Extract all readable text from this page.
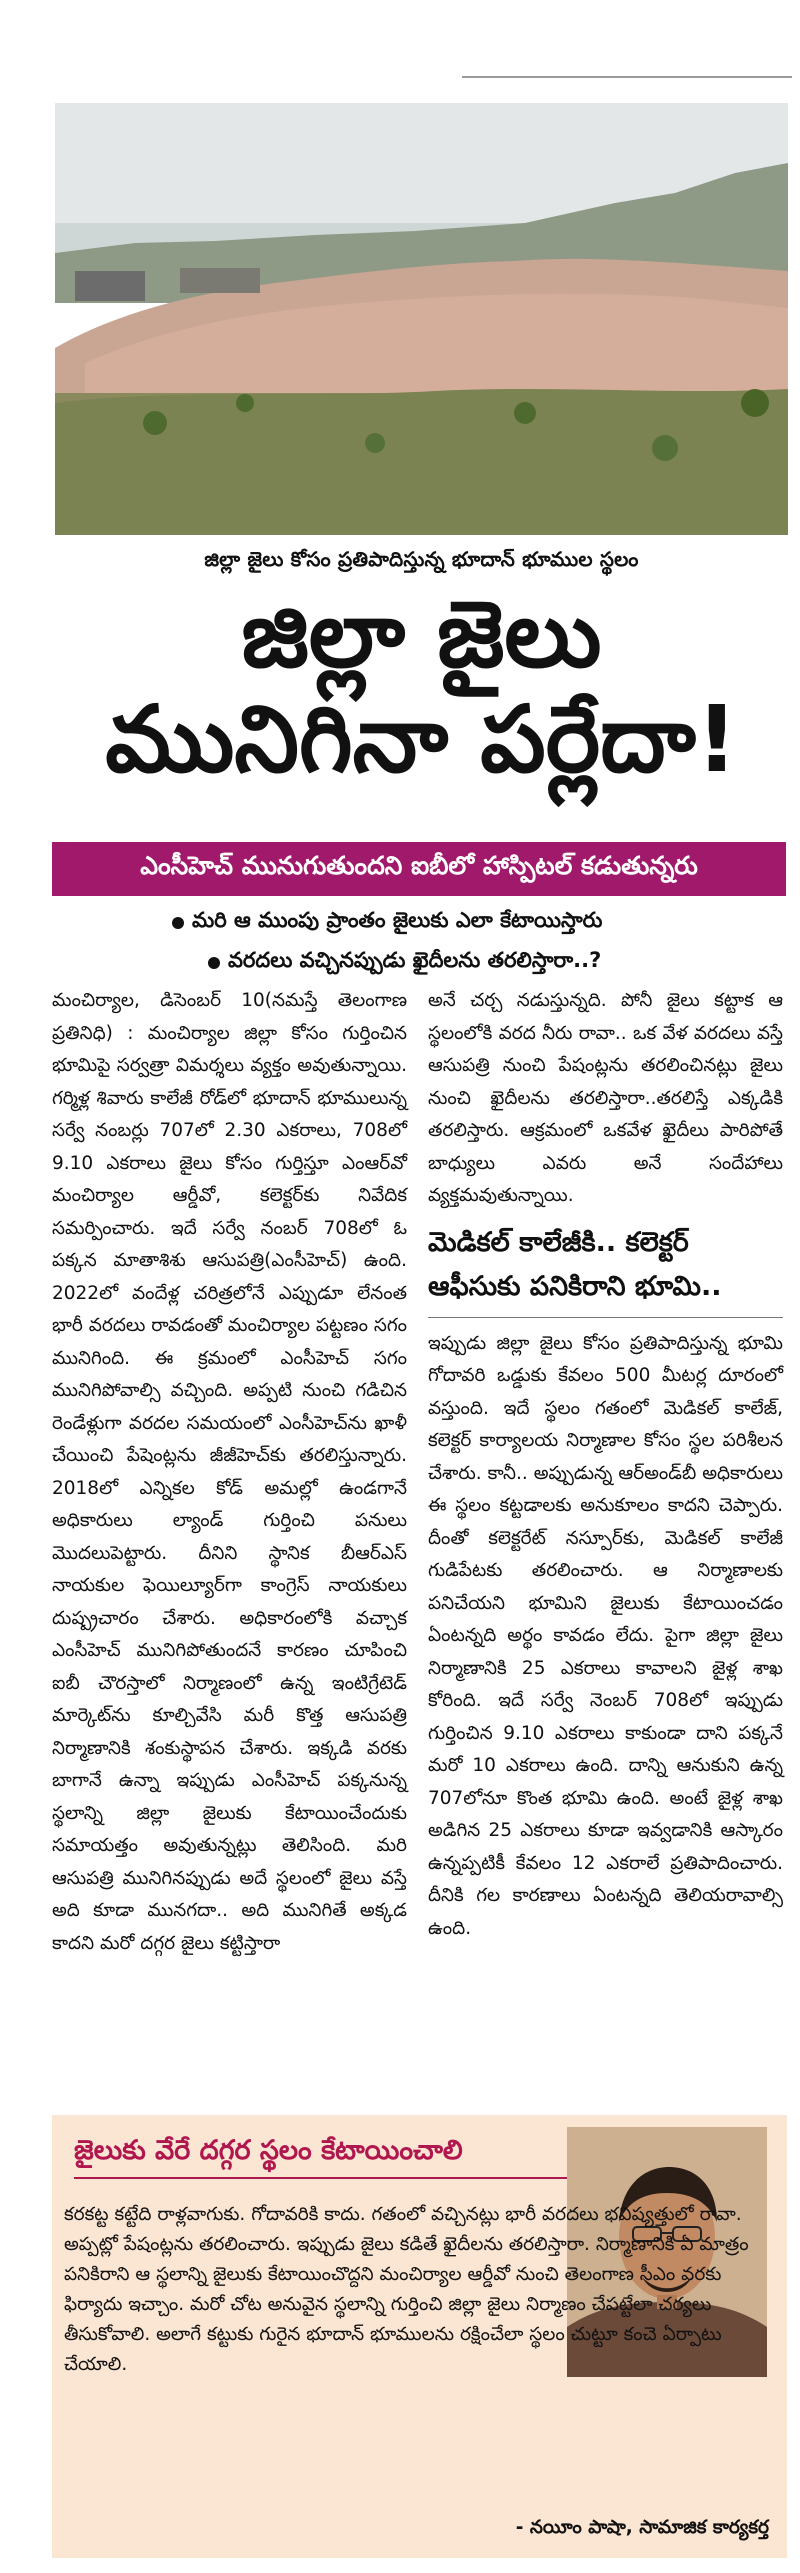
జిల్లా జైలు కోసం ప్రతిపాదిస్తున్న భూదాన్ భూముల స్థలం
జిల్లా జైలు
మునిగినా పర్లేదా!
ఎంసీహెచ్ మునుగుతుందని ఐబీలో హాస్పిటల్ కడుతున్నరు
మరి ఆ ముంపు ప్రాంతం జైలుకు ఎలా కేటాయిస్తారు
వరదలు వచ్చినప్పుడు ఖైదీలను తరలిస్తారా..?

మంచిర్యాల, డిసెంబర్ 10(నమస్తే తెలంగాణ ప్రతినిధి) : మంచిర్యాల జిల్లా కోసం గుర్తించిన భూమిపై సర్వత్రా విమర్శలు వ్యక్తం అవుతున్నాయి. గర్మిళ్ల శివారు కాలేజీ రోడ్‌లో భూదాన్ భూములున్న సర్వే నంబర్లు 707లో 2.30 ఎకరాలు, 708లో 9.10 ఎకరాలు జైలు కోసం గుర్తిస్తూ ఎంఆర్‌వో మంచిర్యాల ఆర్డీవో, కలెక్టర్‌కు నివేదిక సమర్పించారు. ఇదే సర్వే నంబర్ 708లో ఓ పక్కన మాతాశిశు ఆసుపత్రి(ఎంసీహెచ్) ఉంది. 2022లో వందేళ్ల చరిత్రలోనే ఎప్పుడూ లేనంత భారీ వరదలు రావడంతో మంచిర్యాల పట్టణం సగం మునిగింది. ఈ క్రమంలో ఎంసీహెచ్ సగం మునిగిపోవాల్సి వచ్చింది. అప్పటి నుంచి గడిచిన రెండేళ్లుగా వరదల సమయంలో ఎంసీహెచ్‌ను ఖాళీ చేయించి పేషెంట్లను జీజీహెచ్‌కు తరలిస్తున్నారు. 2018లో ఎన్నికల కోడ్ అమల్లో ఉండగానే అధికారులు ల్యాండ్ గుర్తించి పనులు మొదలుపెట్టారు. దీనిని స్థానిక బీఆర్‌ఎస్ నాయకుల ఫెయిల్యూర్‌గా కాంగ్రెస్ నాయకులు దుష్ప్రచారం చేశారు. అధికారంలోకి వచ్చాక ఎంసీహెచ్ మునిగిపోతుందనే కారణం చూపించి ఐబీ చౌరస్తాలో నిర్మాణంలో ఉన్న ఇంటిగ్రేటెడ్ మార్కెట్‌ను కూల్చివేసి మరీ కొత్త ఆసుపత్రి నిర్మాణానికి శంకుస్థాపన చేశారు. ఇక్కడి వరకు బాగానే ఉన్నా ఇప్పుడు ఎంసీహెచ్ పక్కనున్న స్థలాన్ని జిల్లా జైలుకు కేటాయించేందుకు సమాయత్తం అవుతున్నట్లు తెలిసింది. మరి ఆసుపత్రి మునిగినప్పుడు అదే స్థలంలో జైలు వస్తే అది కూడా మునగదా.. అది మునిగితే అక్కడ కాదని మరో దగ్గర జైలు కట్టిస్తారా

అనే చర్చ నడుస్తున్నది. పోనీ జైలు కట్టాక ఆ స్థలంలోకి వరద నీరు రావా.. ఒక వేళ వరదలు వస్తే ఆసుపత్రి నుంచి పేషంట్లను తరలించినట్లు జైలు నుంచి ఖైదీలను తరలిస్తారా..తరలిస్తే ఎక్కడికి తరలిస్తారు. ఆక్రమంలో ఒకవేళ ఖైదీలు పారిపోతే బాధ్యులు ఎవరు అనే సందేహాలు వ్యక్తమవుతున్నాయి.

మెడికల్ కాలేజీకి.. కలెక్టర్ ఆఫీసుకు పనికిరాని భూమి..

ఇప్పుడు జిల్లా జైలు కోసం ప్రతిపాదిస్తున్న భూమి గోదావరి ఒడ్డుకు కేవలం 500 మీటర్ల దూరంలో వస్తుంది. ఇదే స్థలం గతంలో మెడికల్ కాలేజ్, కలెక్టర్ కార్యాలయ నిర్మాణాల కోసం స్థల పరిశీలన చేశారు. కానీ.. అప్పుడున్న ఆర్‌అండ్‌బీ అధికారులు ఈ స్థలం కట్టడాలకు అనుకూలం కాదని చెప్పారు. దీంతో కలెక్టరేట్ నస్పూర్‌కు, మెడికల్ కాలేజీ గుడిపేటకు తరలించారు. ఆ నిర్మాణాలకు పనిచేయని భూమిని జైలుకు కేటాయించడం ఏంటన్నది అర్థం కావడం లేదు. పైగా జిల్లా జైలు నిర్మాణానికి 25 ఎకరాలు కావాలని జైళ్ల శాఖ కోరింది. ఇదే సర్వే నెంబర్ 708లో ఇప్పుడు గుర్తించిన 9.10 ఎకరాలు కాకుండా దాని పక్కనే మరో 10 ఎకరాలు ఉంది. దాన్ని ఆనుకుని ఉన్న 707లోనూ కొంత భూమి ఉంది. అంటే జైళ్ల శాఖ అడిగిన 25 ఎకరాలు కూడా ఇవ్వడానికి ఆస్కారం ఉన్నప్పటికీ కేవలం 12 ఎకరాలే ప్రతిపాదించారు. దీనికి గల కారణాలు ఏంటన్నది తెలియరావాల్సి ఉంది.

జైలుకు వేరే దగ్గర స్థలం కేటాయించాలి

కరకట్ట కట్టేది రాళ్లవాగుకు. గోదావరికి కాదు. గతంలో వచ్చినట్లు భారీ వరదలు భవిష్యత్తులో రావా. అప్పట్లో పేషంట్లను తరలించారు. ఇప్పుడు జైలు కడితే ఖైదీలను తరలిస్తారా. నిర్మాణానికి ఏ మాత్రం పనికిరాని ఆ స్థలాన్ని జైలుకు కేటాయించొద్దని మంచిర్యాల ఆర్డీవో నుంచి తెలంగాణ సీఎం వరకు ఫిర్యాదు ఇచ్చాం. మరో చోట అనువైన స్థలాన్ని గుర్తించి జిల్లా జైలు నిర్మాణం చేపట్టేలా చర్యలు తీసుకోవాలి. అలాగే కట్టుకు గురైన భూదాన్ భూములను రక్షించేలా స్థలం చుట్టూ కంచె ఏర్పాటు చేయాలి.

- నయీం పాషా, సామాజిక కార్యకర్త
